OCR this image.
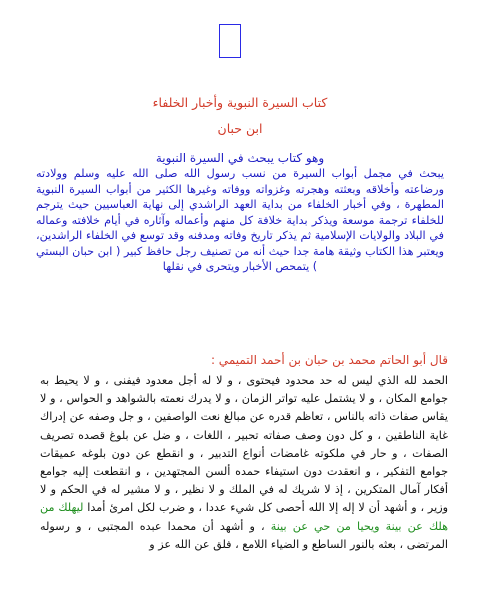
كتاب السيرة النبوية وأخبار الخلفاء
ابن حبان
وهو كتاب يبحث في السيرة النبوية
يبحث في مجمل أبواب السيرة من نسب رسول الله صلى الله عليه وسلم وولادته ورضاعته وأخلاقه وبعثته وهجرته وغزواته ووفاته وغيرها الكثير من أبواب السيرة النبوية المطهرة ، وفي أخبار الخلفاء من بداية العهد الراشدي إلى نهاية العباسيين حيث يترجم للخلفاء ترجمة موسعة ويذكر بداية خلافة كل منهم وأعماله وآثاره في أيام خلافته وعماله في البلاد والولايات الإسلامية ثم يذكر تاريخ وفاته ومدفنه وقد توسع في الخلفاء الراشدين، ويعتبر هذا الكتاب وثيقة هامة جدا حيث أنه من تصنيف رجل حافظ كبير ( ابن حبان البستي ) يتمحص الأخبار ويتحرى في نقلها
قال أبو الحاتم محمد بن حبان بن أحمد التميمي :
الحمد لله الذي ليس له حد محدود فيحتوى ، و لا له أجل معدود فيفنى ، و لا يحيط به جوامع المكان ، و لا يشتمل عليه تواتر الزمان ، و لا يدرك نعمته بالشواهد و الحواس ، و لا يقاس صفات ذاته بالناس ، تعاظم قدره عن مبالغ نعت الواصفين ، و جل وصفه عن إدراك غاية الناطقين ، و كل دون وصف صفاته تحبير ، اللغات ، و ضل عن بلوغ قصده تصريف الصفات ، و حار في ملكوته غامضات أنواع التدبير ، و انقطع عن دون بلوغه عميقات جوامع التفكير ، و انعقدت دون استيفاء حمده ألسن المجتهدين ، و انقطعت إليه جوامع أفكار آمال المتكرين ، إذ لا شريك له في الملك و لا نظير ، و لا مشير له في الحكم و لا وزير ، و أشهد أن لا إله إلا الله أحصى كل شيء عددا ، و ضرب لكل امرئ أمدا ليهلك من هلك عن بينة ويحيا من حي عن بينة ، و أشهد أن محمدا عبده المجتبى ، و رسوله المرتضى ، بعثه بالنور الساطع و الضياء اللامع ، فلق عن الله عز و
